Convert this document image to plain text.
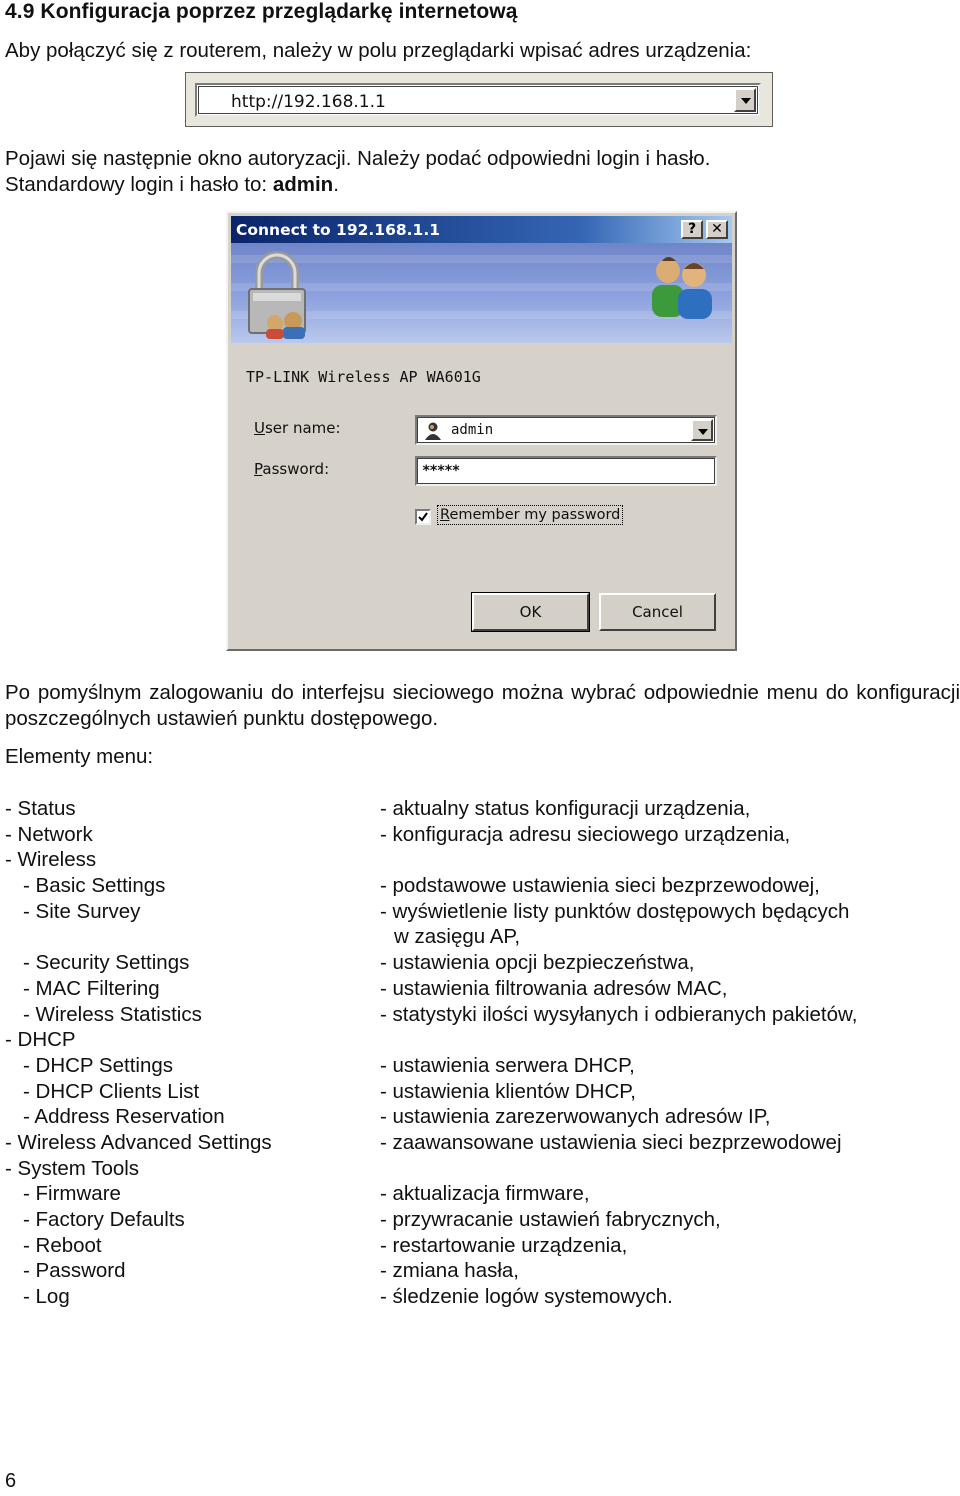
4.9 Konfiguracja poprzez przeglądarkę internetową
Aby połączyć się z routerem, należy w polu przeglądarki wpisać adres urządzenia:
http://192.168.1.1
Pojawi się następnie okno autoryzacji. Należy podać odpowiedni login i hasło.
Standardowy login i hasło to: admin.
Connect to 192.168.1.1	?	✕
TP-LINK Wireless AP WA601G
User name:	admin
Password:	*****
Remember my password
OK	Cancel
Po pomyślnym zalogowaniu do interfejsu sieciowego można wybrać odpowiednie menu do konfiguracji poszczególnych ustawień punktu dostępowego.
Elementy menu:
- Status	- aktualny status konfiguracji urządzenia,
- Network	- konfiguracja adresu sieciowego urządzenia,
- Wireless
- Basic Settings	- podstawowe ustawienia sieci bezprzewodowej,
- Site Survey	- wyświetlenie listy punktów dostępowych będących
w zasięgu AP,
- Security Settings	- ustawienia opcji bezpieczeństwa,
- MAC Filtering	- ustawienia filtrowania adresów MAC,
- Wireless Statistics	- statystyki ilości wysyłanych i odbieranych pakietów,
- DHCP
- DHCP Settings	- ustawienia serwera DHCP,
- DHCP Clients List	- ustawienia klientów DHCP,
- Address Reservation	- ustawienia zarezerwowanych adresów IP,
- Wireless Advanced Settings	- zaawansowane ustawienia sieci bezprzewodowej
- System Tools
- Firmware	- aktualizacja firmware,
- Factory Defaults	- przywracanie ustawień fabrycznych,
- Reboot	- restartowanie urządzenia,
- Password	- zmiana hasła,
- Log	- śledzenie logów systemowych.
6
